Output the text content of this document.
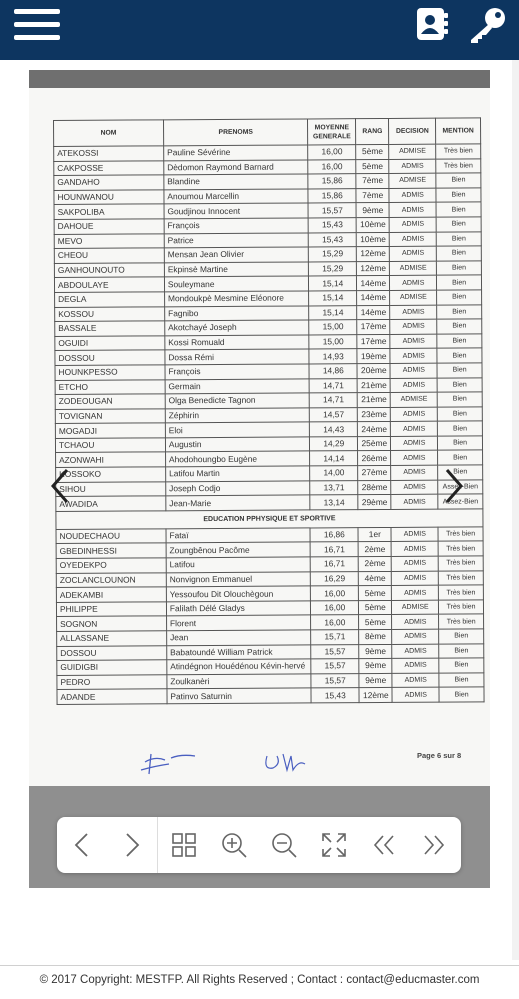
NOM	PRENOMS	MOYENNE GENERALE	RANG	DECISION	MENTION
ATEKOSSI	Pauline Sévérine	16,00	5ème	ADMISE	Très bien
CAKPOSSE	Dèdomon Raymond Barnard	16,00	5ème	ADMIS	Très bien
GANDAHO	Blandine	15,86	7ème	ADMISE	Bien
HOUNWANOU	Anoumou Marcellin	15,86	7ème	ADMIS	Bien
SAKPOLIBA	Goudjinou Innocent	15,57	9ème	ADMIS	Bien
DAHOUE	François	15,43	10ème	ADMIS	Bien
MEVO	Patrice	15,43	10ème	ADMIS	Bien
CHEOU	Mensan Jean Olivier	15,29	12ème	ADMIS	Bien
GANHOUNOUTO	Ekpinsè Martine	15,29	12ème	ADMISE	Bien
ABDOULAYE	Souleymane	15,14	14ème	ADMIS	Bien
DEGLA	Mondoukpè Mesmine Eléonore	15,14	14ème	ADMISE	Bien
KOSSOU	Fagnibo	15,14	14ème	ADMIS	Bien
BASSALE	Akotchayé Joseph	15,00	17ème	ADMIS	Bien
OGUIDI	Kossi Romuald	15,00	17ème	ADMIS	Bien
DOSSOU	Dossa Rémi	14,93	19ème	ADMIS	Bien
HOUNKPESSO	François	14,86	20ème	ADMIS	Bien
ETCHO	Germain	14,71	21ème	ADMIS	Bien
ZODEOUGAN	Olga Benedicte Tagnon	14,71	21ème	ADMISE	Bien
TOVIGNAN	Zéphirin	14,57	23ème	ADMIS	Bien
MOGADJI	Eloi	14,43	24ème	ADMIS	Bien
TCHAOU	Augustin	14,29	25ème	ADMIS	Bien
AZONWAHI	Ahodohoungbo Eugène	14,14	26ème	ADMIS	Bien
KOSSOKO	Latifou Martin	14,00	27ème	ADMIS	Bien
SIHOU	Joseph Codjo	13,71	28ème	ADMIS	Assez-Bien
AWADIDA	Jean-Marie	13,14	29ème	ADMIS	Assez-Bien
EDUCATION PPHYSIQUE ET SPORTIVE					
NOUDECHAOU	Fataï	16,86	1er	ADMIS	Très bien
GBEDINHESSI	Zoungbênou Pacôme	16,71	2ème	ADMIS	Très bien
OYEDEKPO	Latifou	16,71	2ème	ADMIS	Très bien
ZOCLANCLOUNON	Nonvignon Emmanuel	16,29	4ème	ADMIS	Très bien
ADEKAMBI	Yessoufou Dit Olouchègoun	16,00	5ème	ADMIS	Très bien
PHILIPPE	Falilath Délé Gladys	16,00	5ème	ADMISE	Très bien
SOGNON	Florent	16,00	5ème	ADMIS	Très bien
ALLASSANE	Jean	15,71	8ème	ADMIS	Bien
DOSSOU	Babatoundé William Patrick	15,57	9ème	ADMIS	Bien
GUIDIGBI	Atindégnon Houédénou Kévin-hervé	15,57	9ème	ADMIS	Bien
PEDRO	Zoulkanèri	15,57	9ème	ADMIS	Bien
ADANDE	Patinvo Saturnin	15,43	12ème	ADMIS	Bien
Page 6 sur 8
© 2017 Copyright: MESTFP. All Rights Reserved ; Contact : contact@educmaster.com
